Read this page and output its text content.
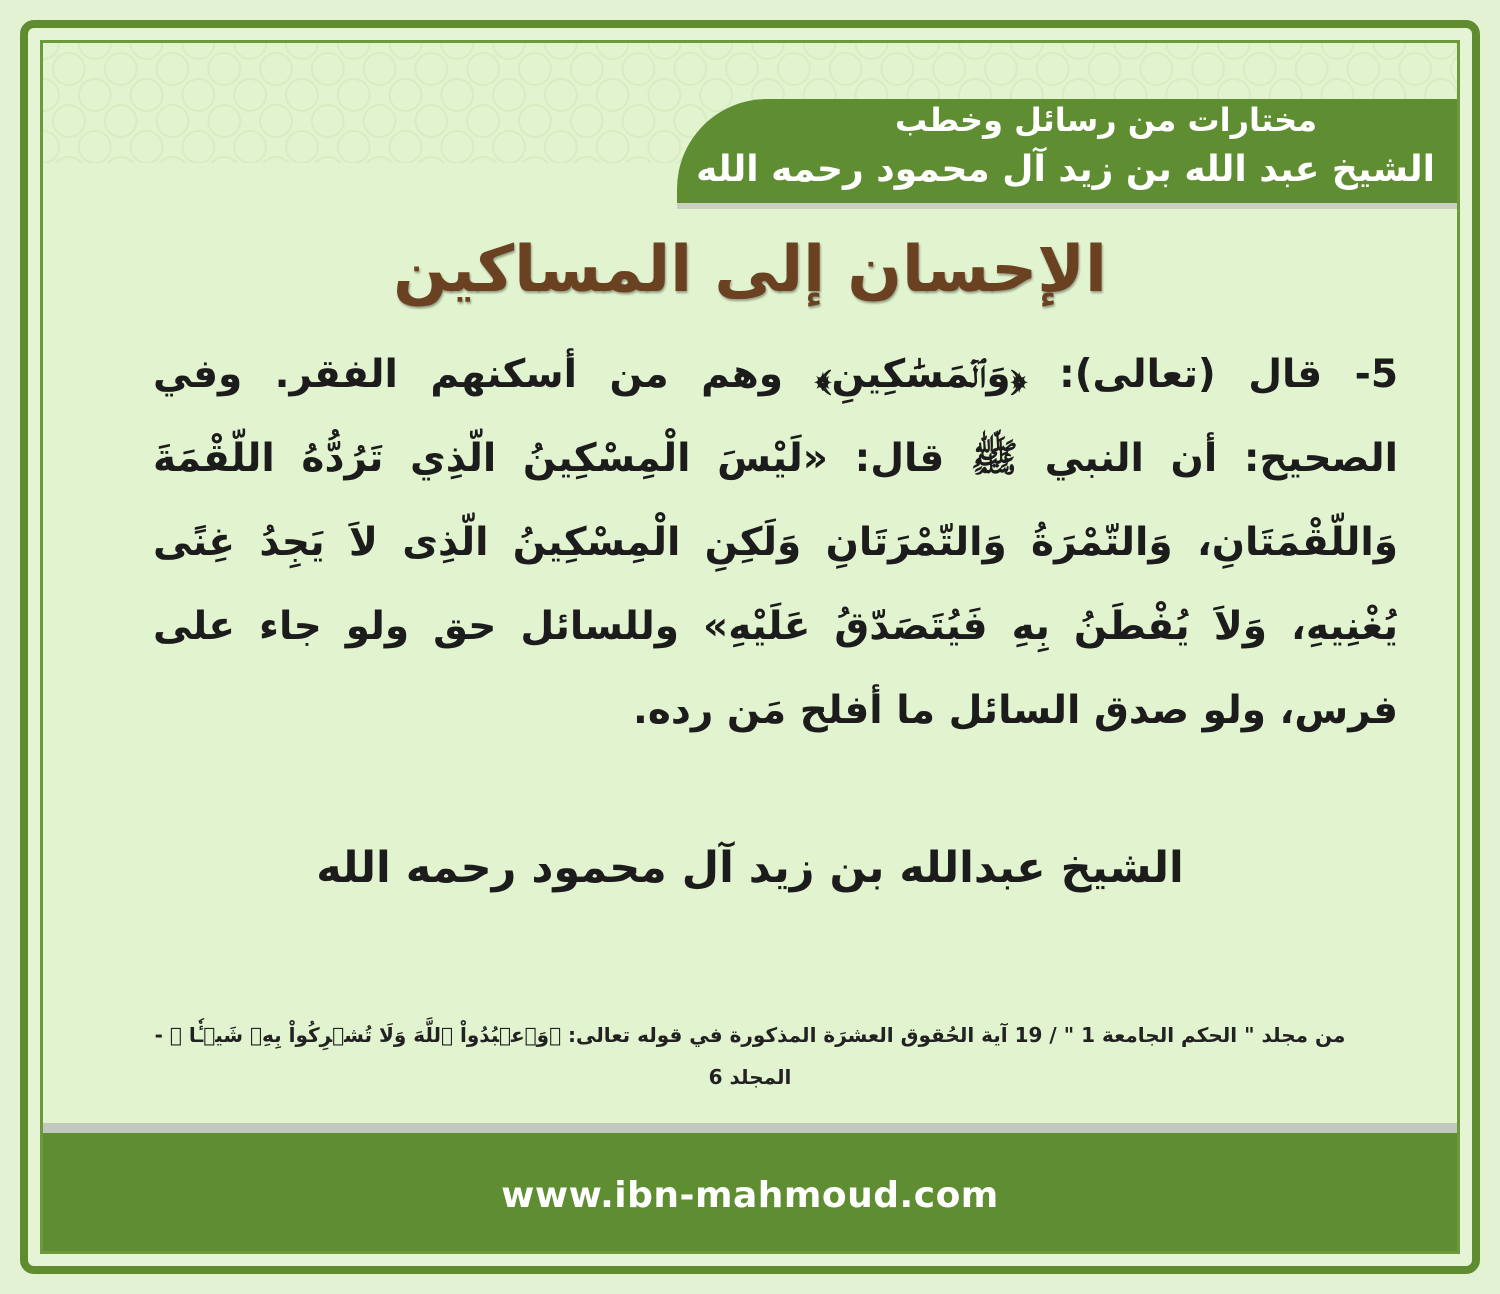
مختارات من رسائل وخطب
الشيخ عبد الله بن زيد آل محمود رحمه الله
الإحسان إلى المساكين
5- قال (تعالى): ﴿وَٱلۡمَسَٰكِينِ﴾ وهم من أسكنهم الفقر. وفي الصحيح: أن النبي ﷺ قال: «لَيْسَ الْمِسْكِينُ الّذِي تَرُدُّهُ اللّقْمَةَ وَاللّقْمَتَانِ، وَالتّمْرَةُ وَالتّمْرَتَانِ وَلَكِنِ الْمِسْكِينُ الّذِى لاَ يَجِدُ غِنًى يُغْنِيهِ، وَلاَ يُفْطَنُ بِهِ فَيُتَصَدّقُ عَلَيْهِ» وللسائل حق ولو جاء على فرس، ولو صدق السائل ما أفلح مَن رده.
الشيخ عبدالله بن زيد آل محمود رحمه الله
من مجلد " الحكم الجامعة 1 " / 19 آية الحُقوق العشرَة المذكورة في قوله تعالى: ﴿وَٱعۡبُدُواْ ٱللَّهَ وَلَا تُشۡرِكُواْ بِهِۦ شَيۡـٔٗا ﴾ -
المجلد 6
www.ibn-mahmoud.com
